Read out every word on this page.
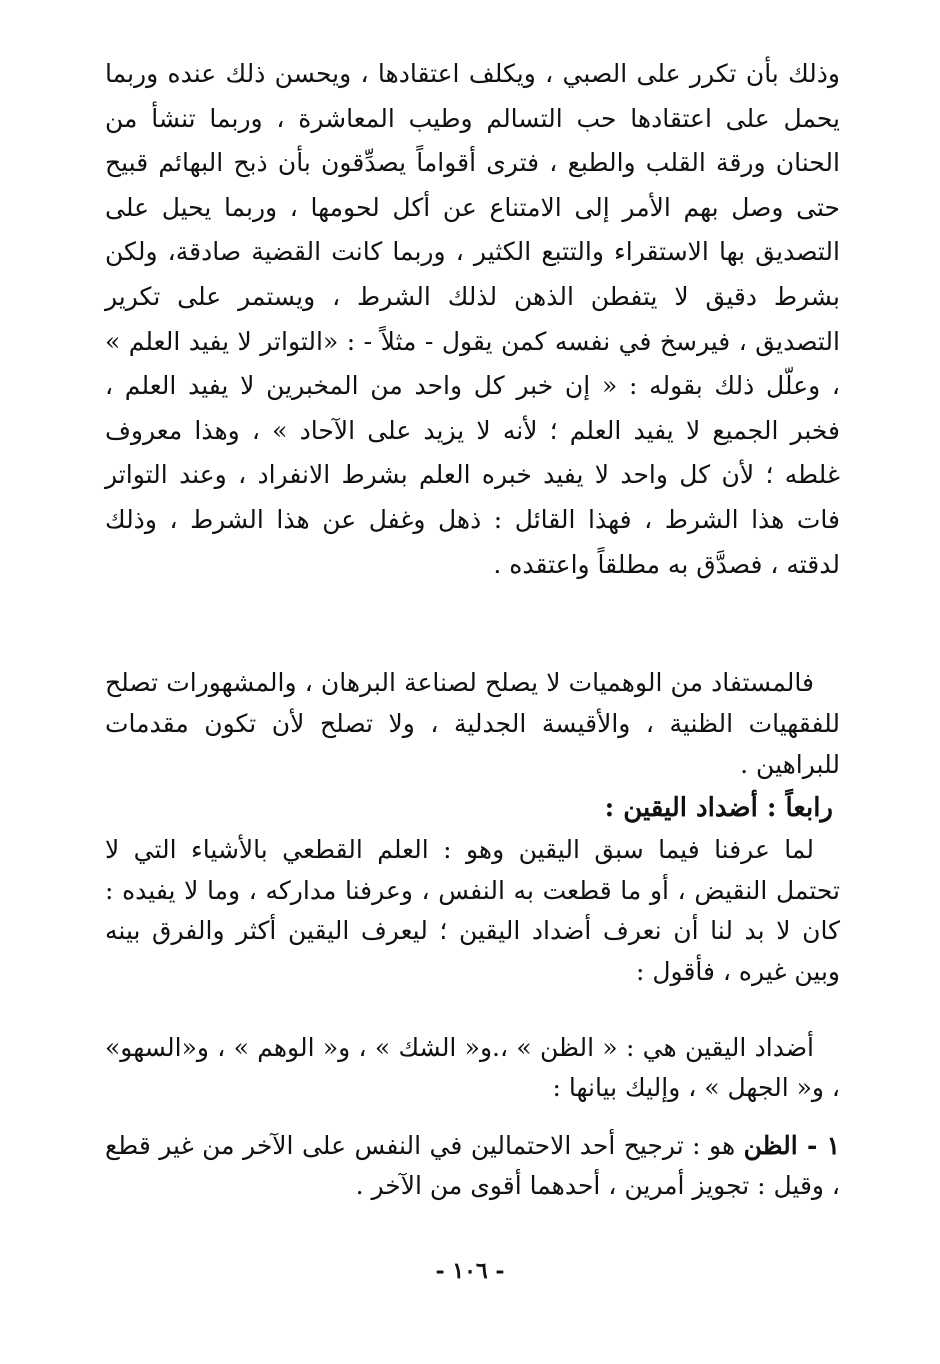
وذلك بأن تكرر على الصبي ، ويكلف اعتقادها ، ويحسن ذلك عنده وربما يحمل على اعتقادها حب التسالم وطيب المعاشرة ، وربما تنشأ من الحنان ورقة القلب والطبع ، فترى أقواماً يصدِّقون بأن ذبح البهائم قبيح حتى وصل بهم الأمر إلى الامتناع عن أكل لحومها ، وربما يحيل على التصديق بها الاستقراء والتتبع الكثير ، وربما كانت القضية صادقة، ولكن بشرط دقيق لا يتفطن الذهن لذلك الشرط ، ويستمر على تكرير التصديق ، فيرسخ في نفسه كمن يقول - مثلاً - : «التواتر لا يفيد العلم » ، وعلّل ذلك بقوله : « إن خبر كل واحد من المخبرين لا يفيد العلم ، فخبر الجميع لا يفيد العلم ؛ لأنه لا يزيد على الآحاد » ، وهذا معروف غلطه ؛ لأن كل واحد لا يفيد خبره العلم بشرط الانفراد ، وعند التواتر فات هذا الشرط ، فهذا القائل : ذهل وغفل عن هذا الشرط ، وذلك لدقته ، فصدَّق به مطلقاً واعتقده .
فالمستفاد من الوهميات لا يصلح لصناعة البرهان ، والمشهورات تصلح للفقهيات الظنية ، والأقيسة الجدلية ، ولا تصلح لأن تكون مقدمات للبراهين .
رابعاً : أضداد اليقين :
لما عرفنا فيما سبق اليقين وهو : العلم القطعي بالأشياء التي لا تحتمل النقيض ، أو ما قطعت به النفس ، وعرفنا مداركه ، وما لا يفيده : كان لا بد لنا أن نعرف أضداد اليقين ؛ ليعرف اليقين أكثر والفرق بينه وبين غيره ، فأقول :
أضداد اليقين هي : « الظن » ،.و« الشك » ، و« الوهم » ، و«السهو» ، و« الجهل » ، وإليك بيانها :
١ - الظن هو : ترجيح أحد الاحتمالين في النفس على الآخر من غير قطع ، وقيل : تجويز أمرين ، أحدهما أقوى من الآخر .
- ١٠٦ -
